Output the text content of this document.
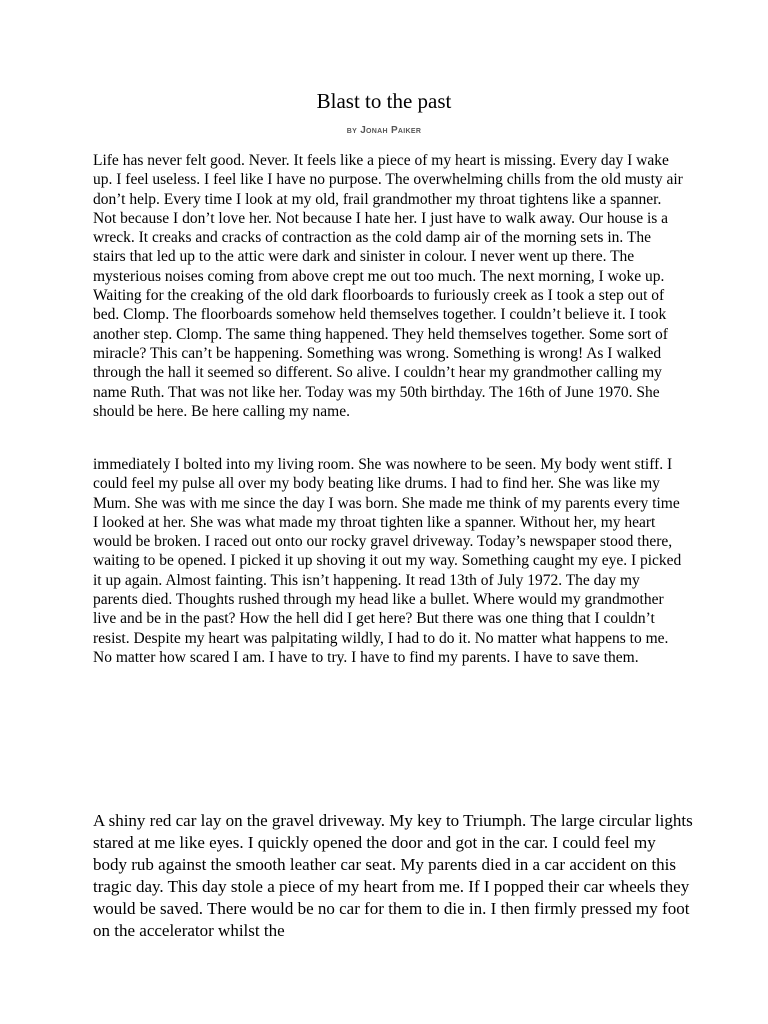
Blast to the past
by Jonah Paiker

Life has never felt good. Never. It feels like a piece of my heart is missing. Every day I wake up. I feel useless. I feel like I have no purpose. The overwhelming chills from the old musty air don’t help. Every time I look at my old, frail grandmother my throat tightens like a spanner. Not because I don’t love her. Not because I hate her. I just have to walk away. Our house is a wreck. It creaks and cracks of contraction as the cold damp air of the morning sets in. The stairs that led up to the attic were dark and sinister in colour. I never went up there. The mysterious noises coming from above crept me out too much. The next morning, I woke up. Waiting for the creaking of the old dark floorboards to furiously creek as I took a step out of bed. Clomp. The floorboards somehow held themselves together. I couldn’t believe it. I took another step. Clomp. The same thing happened. They held themselves together. Some sort of miracle? This can’t be happening. Something was wrong. Something is wrong! As I walked through the hall it seemed so different. So alive. I couldn’t hear my grandmother calling my name Ruth. That was not like her. Today was my 50th birthday. The 16th of June 1970. She should be here. Be here calling my name.

immediately I bolted into my living room. She was nowhere to be seen. My body went stiff. I could feel my pulse all over my body beating like drums. I had to find her. She was like my Mum. She was with me since the day I was born. She made me think of my parents every time I looked at her. She was what made my throat tighten like a spanner. Without her, my heart would be broken. I raced out onto our rocky gravel driveway. Today’s newspaper stood there, waiting to be opened. I picked it up shoving it out my way. Something caught my eye. I picked it up again. Almost fainting. This isn’t happening. It read 13th of July 1972. The day my parents died. Thoughts rushed through my head like a bullet. Where would my grandmother live and be in the past? How the hell did I get here? But there was one thing that I couldn’t resist. Despite my heart was palpitating wildly, I had to do it. No matter what happens to me. No matter how scared I am. I have to try. I have to find my parents. I have to save them.

A shiny red car lay on the gravel driveway. My key to Triumph. The large circular lights stared at me like eyes. I quickly opened the door and got in the car. I could feel my body rub against the smooth leather car seat. My parents died in a car accident on this tragic day. This day stole a piece of my heart from me. If I popped their car wheels they would be saved. There would be no car for them to die in. I then firmly pressed my foot on the accelerator whilst the
